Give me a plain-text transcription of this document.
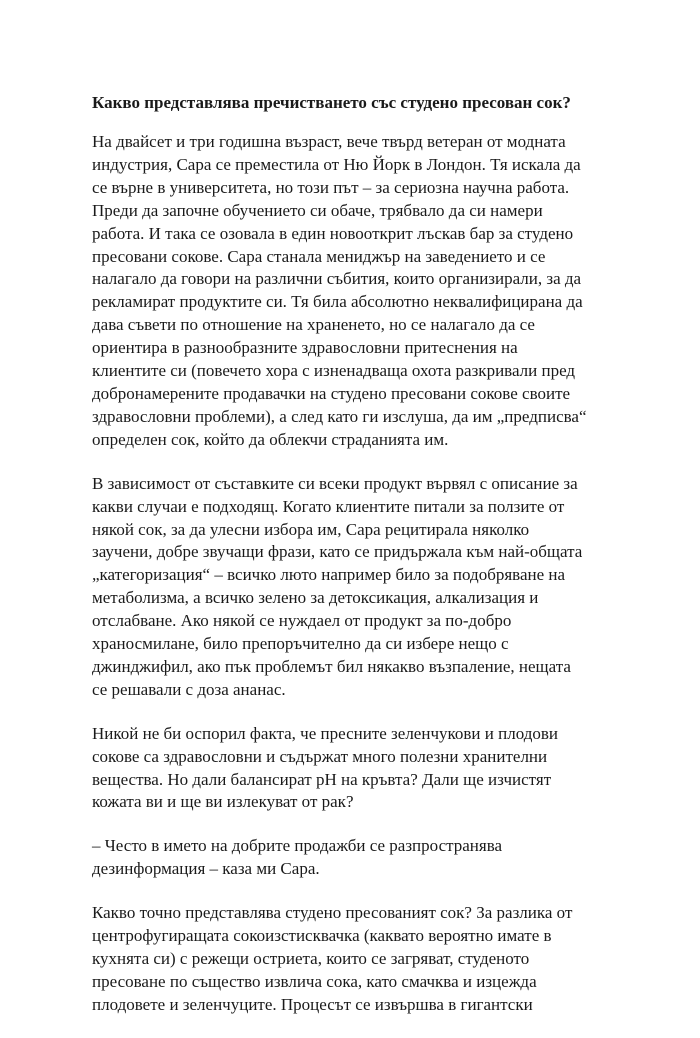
Какво представлява пречистването със студено пресован сок?
На двайсет и три годишна възраст, вече твърд ветеран от модната
индустрия, Сара се преместила от Ню Йорк в Лондон. Тя искала да
се върне в университета, но този път – за сериозна научна работа.
Преди да започне обучението си обаче, трябвало да си намери
работа. И така се озовала в един новооткрит лъскав бар за студено
пресовани сокове. Сара станала мениджър на заведението и се
налагало да говори на различни събития, които организирали, за да
рекламират продуктите си. Тя била абсолютно неквалифицирана да
дава съвети по отношение на храненето, но се налагало да се
ориентира в разнообразните здравословни притеснения на
клиентите си (повечето хора с изненадваща охота разкривали пред
добронамерените продавачки на студено пресовани сокове своите
здравословни проблеми), а след като ги изслуша, да им „предписва“
определен сок, който да облекчи страданията им.
В зависимост от съставките си всеки продукт вървял с описание за
какви случаи е подходящ. Когато клиентите питали за ползите от
някой сок, за да улесни избора им, Сара рецитирала няколко
заучени, добре звучащи фрази, като се придържала към най-общата
„категоризация“ – всичко люто например било за подобряване на
метаболизма, а всичко зелено за детоксикация, алкализация и
отслабване. Ако някой се нуждаел от продукт за по-добро
храносмилане, било препоръчително да си избере нещо с
джинджифил, ако пък проблемът бил някакво възпаление, нещата
се решавали с доза ананас.
Никой не би оспорил факта, че пресните зеленчукови и плодови
сокове са здравословни и съдържат много полезни хранителни
вещества. Но дали балансират рН на кръвта? Дали ще изчистят
кожата ви и ще ви излекуват от рак?
– Често в името на добрите продажби се разпространява
дезинформация – каза ми Сара.
Какво точно представлява студено пресованият сок? За разлика от
центрофугиращата сокоизстисквачка (каквато вероятно имате в
кухнята си) с режещи остриета, които се загряват, студеното
пресоване по същество извлича сока, като смачква и изцежда
плодовете и зеленчуците. Процесът се извършва в гигантски
